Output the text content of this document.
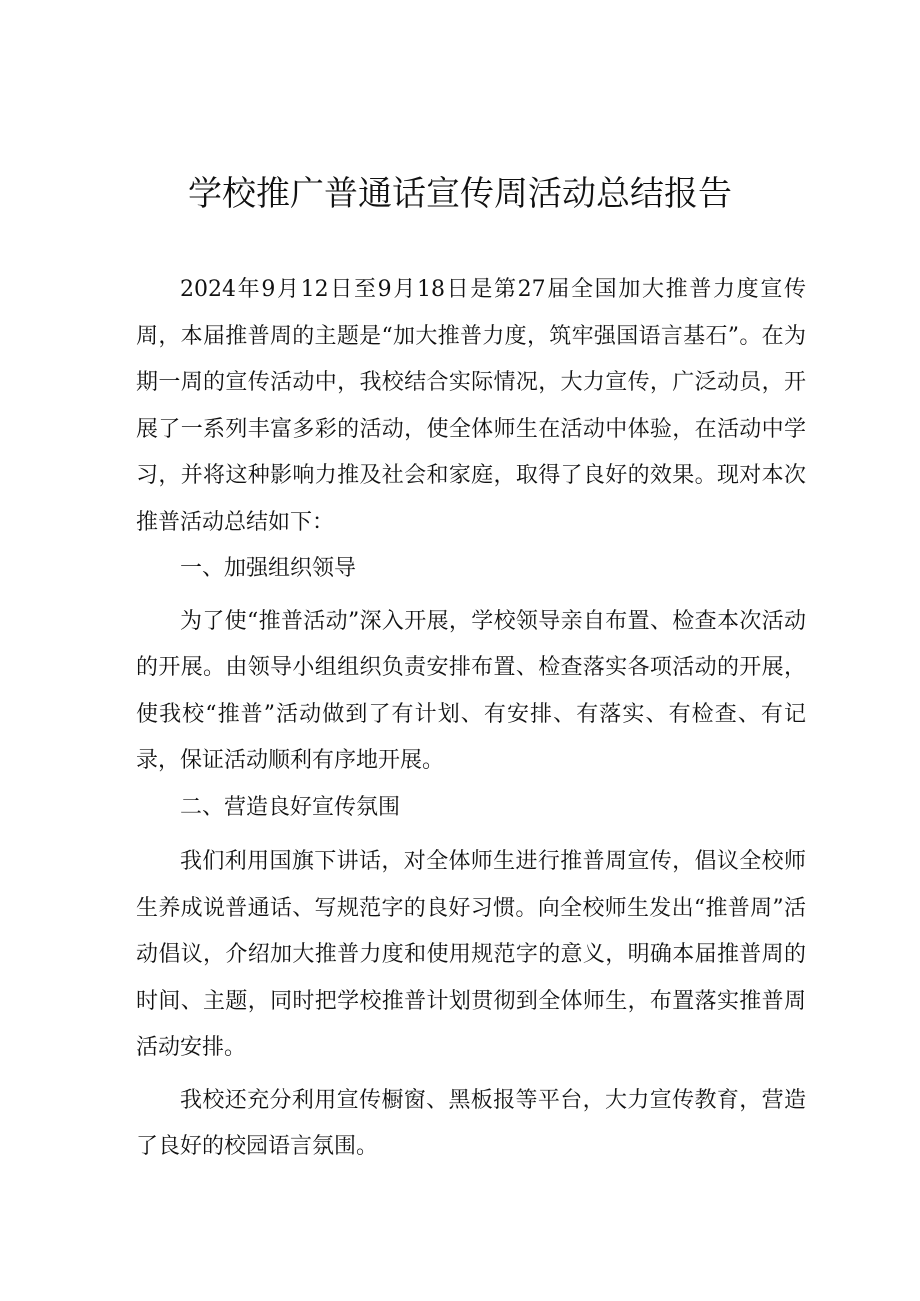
学校推广普通话宣传周活动总结报告

2024年9月12日至9月18日是第27届全国加大推普力度宣传周，本届推普周的主题是“加大推普力度，筑牢强国语言基石”。在为期一周的宣传活动中，我校结合实际情况，大力宣传，广泛动员，开展了一系列丰富多彩的活动，使全体师生在活动中体验，在活动中学习，并将这种影响力推及社会和家庭，取得了良好的效果。现对本次推普活动总结如下：

一、加强组织领导

为了使“推普活动”深入开展，学校领导亲自布置、检查本次活动的开展。由领导小组组织负责安排布置、检查落实各项活动的开展，使我校“推普”活动做到了有计划、有安排、有落实、有检查、有记录，保证活动顺利有序地开展。

二、营造良好宣传氛围

我们利用国旗下讲话，对全体师生进行推普周宣传，倡议全校师生养成说普通话、写规范字的良好习惯。向全校师生发出“推普周”活动倡议，介绍加大推普力度和使用规范字的意义，明确本届推普周的时间、主题，同时把学校推普计划贯彻到全体师生，布置落实推普周活动安排。

我校还充分利用宣传橱窗、黑板报等平台，大力宣传教育，营造了良好的校园语言氛围。
